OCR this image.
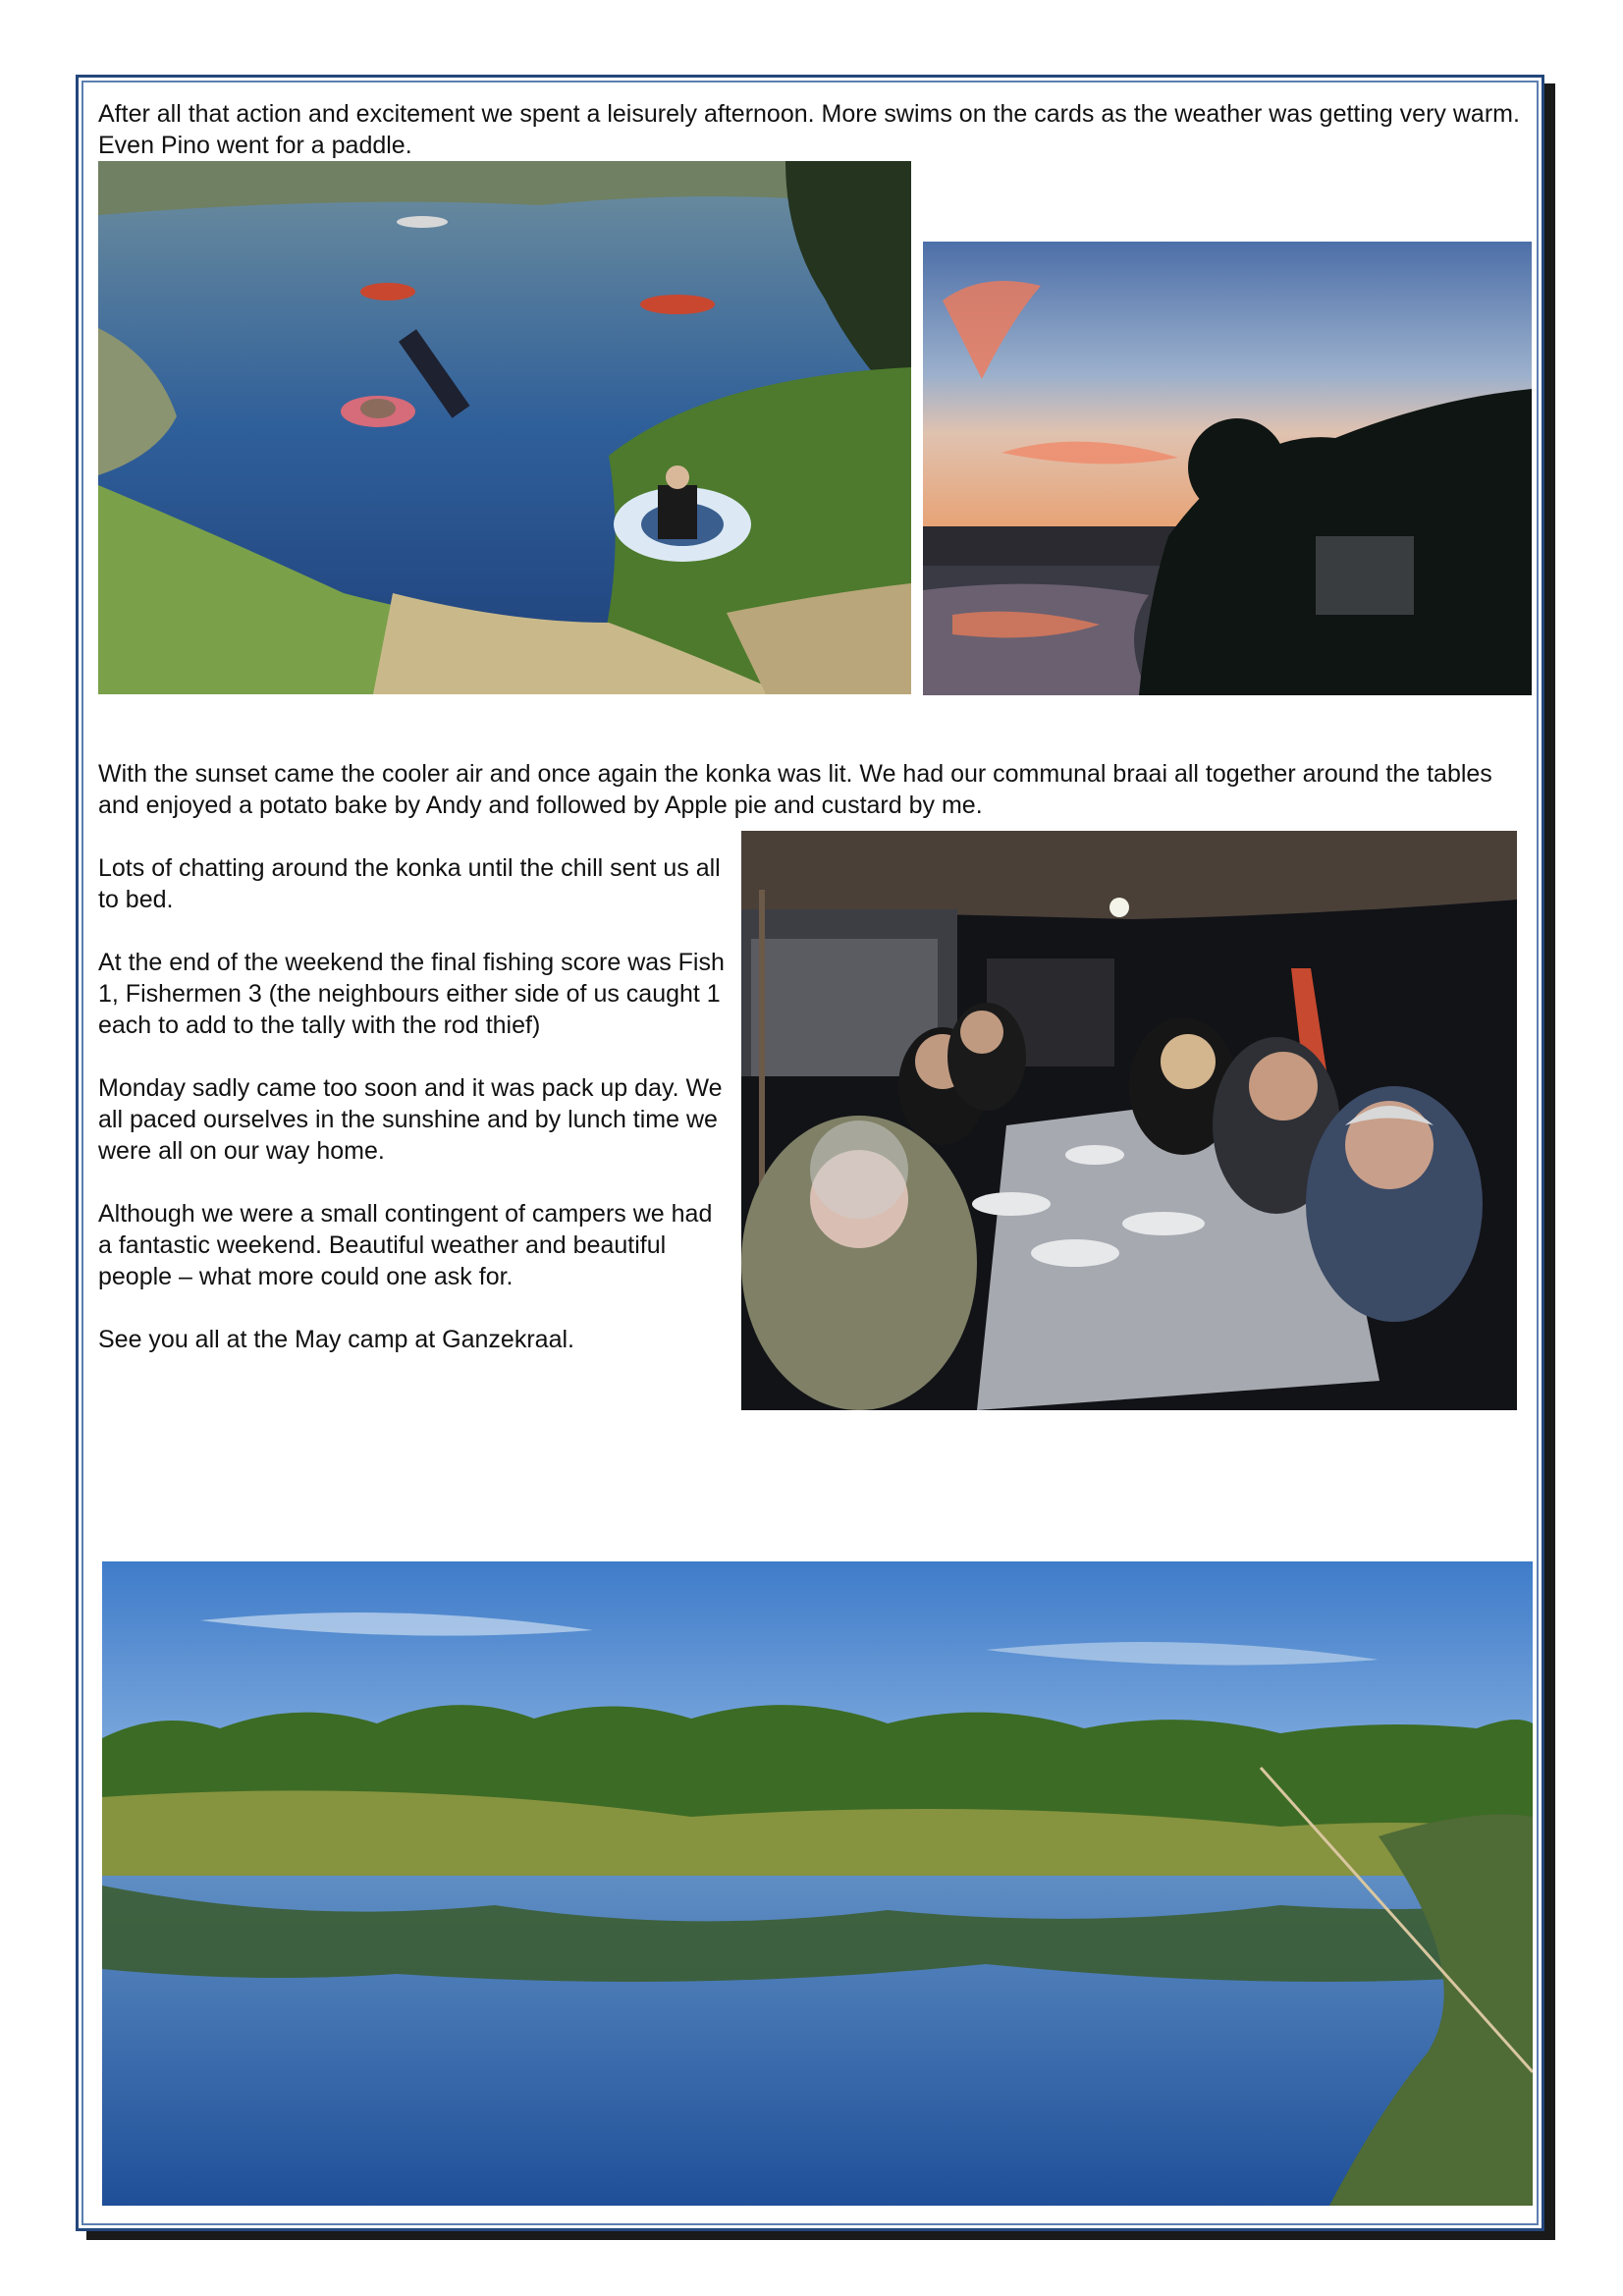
After all that action and excitement we spent a leisurely afternoon. More swims on the cards as the weather was getting very warm. Even Pino went for a paddle.

With the sunset came the cooler air and once again the konka was lit. We had our communal braai all together around the tables and enjoyed a potato bake by Andy and followed by Apple pie and custard by me.

Lots of chatting around the konka until the chill sent us all to bed.

At the end of the weekend the final fishing score was Fish 1, Fishermen 3 (the neighbours either side of us caught 1 each to add to the tally with the rod thief)

Monday sadly came too soon and it was pack up day. We all paced ourselves in the sunshine and by lunch time we were all on our way home.

Although we were a small contingent of campers we had a fantastic weekend. Beautiful weather and beautiful people – what more could one ask for.

See you all at the May camp at Ganzekraal.
